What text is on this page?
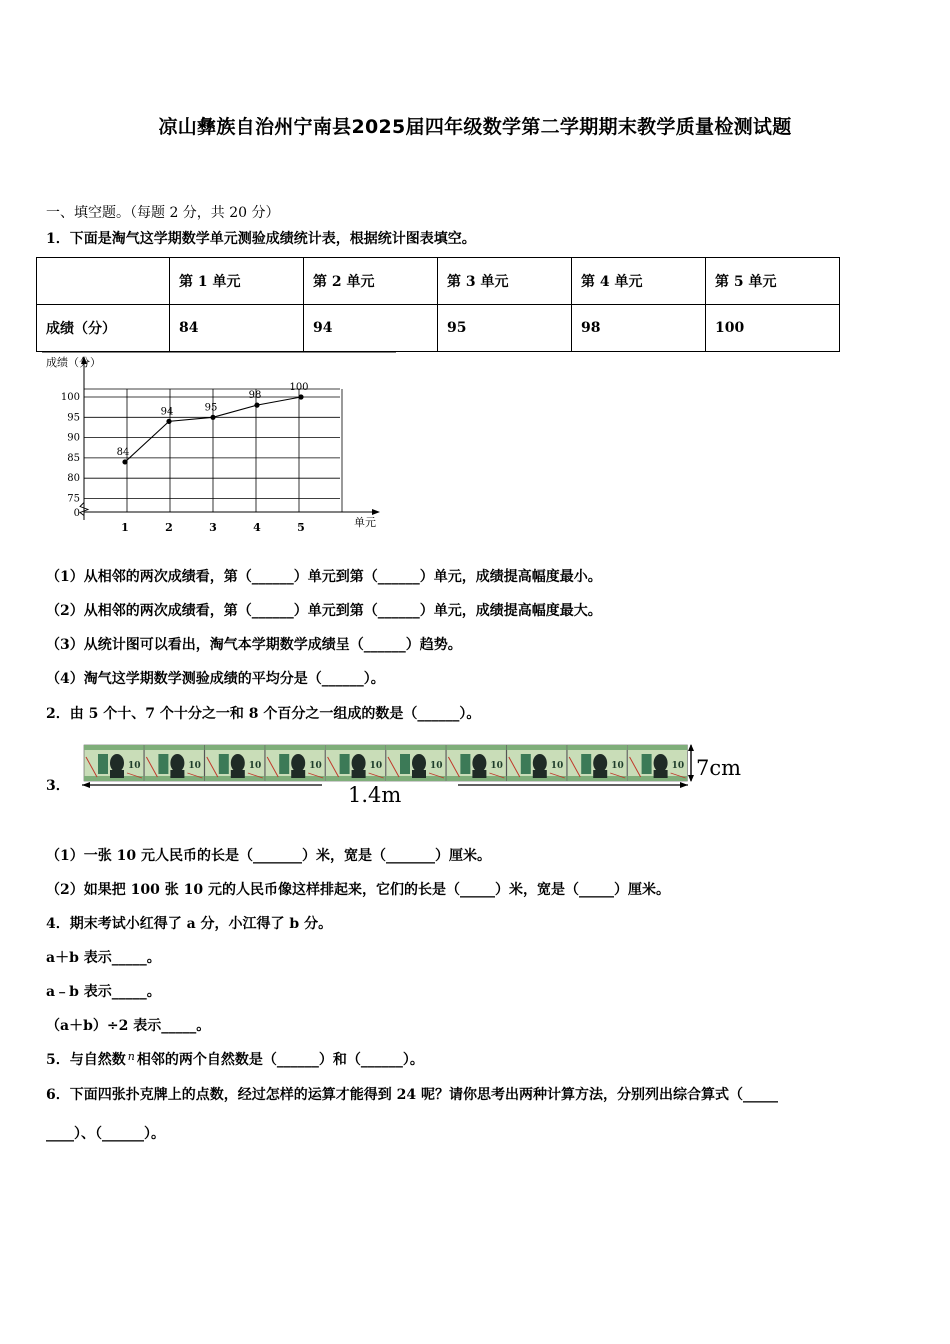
凉山彝族自治州宁南县2025届四年级数学第二学期期末教学质量检测试题
一、填空题。（每题 2 分，共 20 分）
1．下面是淘气这学期数学单元测验成绩统计表，根据统计图表填空。
	第 1 单元	第 2 单元	第 3 单元	第 4 单元	第 5 单元
成绩（分）	84	94	95	98	100
100
95
90
85
80
75
0
1	2	3	4	5
84
94	95
98
100
成绩（分）
单元
（1）从相邻的两次成绩看，第（______）单元到第（______）单元，成绩提高幅度最小。
（2）从相邻的两次成绩看，第（______）单元到第（______）单元，成绩提高幅度最大。
（3）从统计图可以看出，淘气本学期数学成绩呈（______）趋势。
（4）淘气这学期数学测验成绩的平均分是（______）。
2．由 5 个十、7 个十分之一和 8 个百分之一组成的数是（______）。
3．
10	10	10	10	10	10	10	10	10	10
1.4m
7cm
（1）一张 10 元人民币的长是（_______）米，宽是（_______）厘米。
（2）如果把 100 张 10 元的人民币像这样排起来，它们的长是（_____）米，宽是（_____）厘米。
4．期末考试小红得了 a 分，小江得了 b 分。
a＋b 表示_____。
a﹣b 表示_____。
（a＋b）÷2 表示_____。
5．与自然数 $^n$ 相邻的两个自然数是（______）和（______）。
6．下面四张扑克牌上的点数，经过怎样的运算才能得到 24 呢？请你思考出两种计算方法，分别列出综合算式（_____
____）、（______）。
